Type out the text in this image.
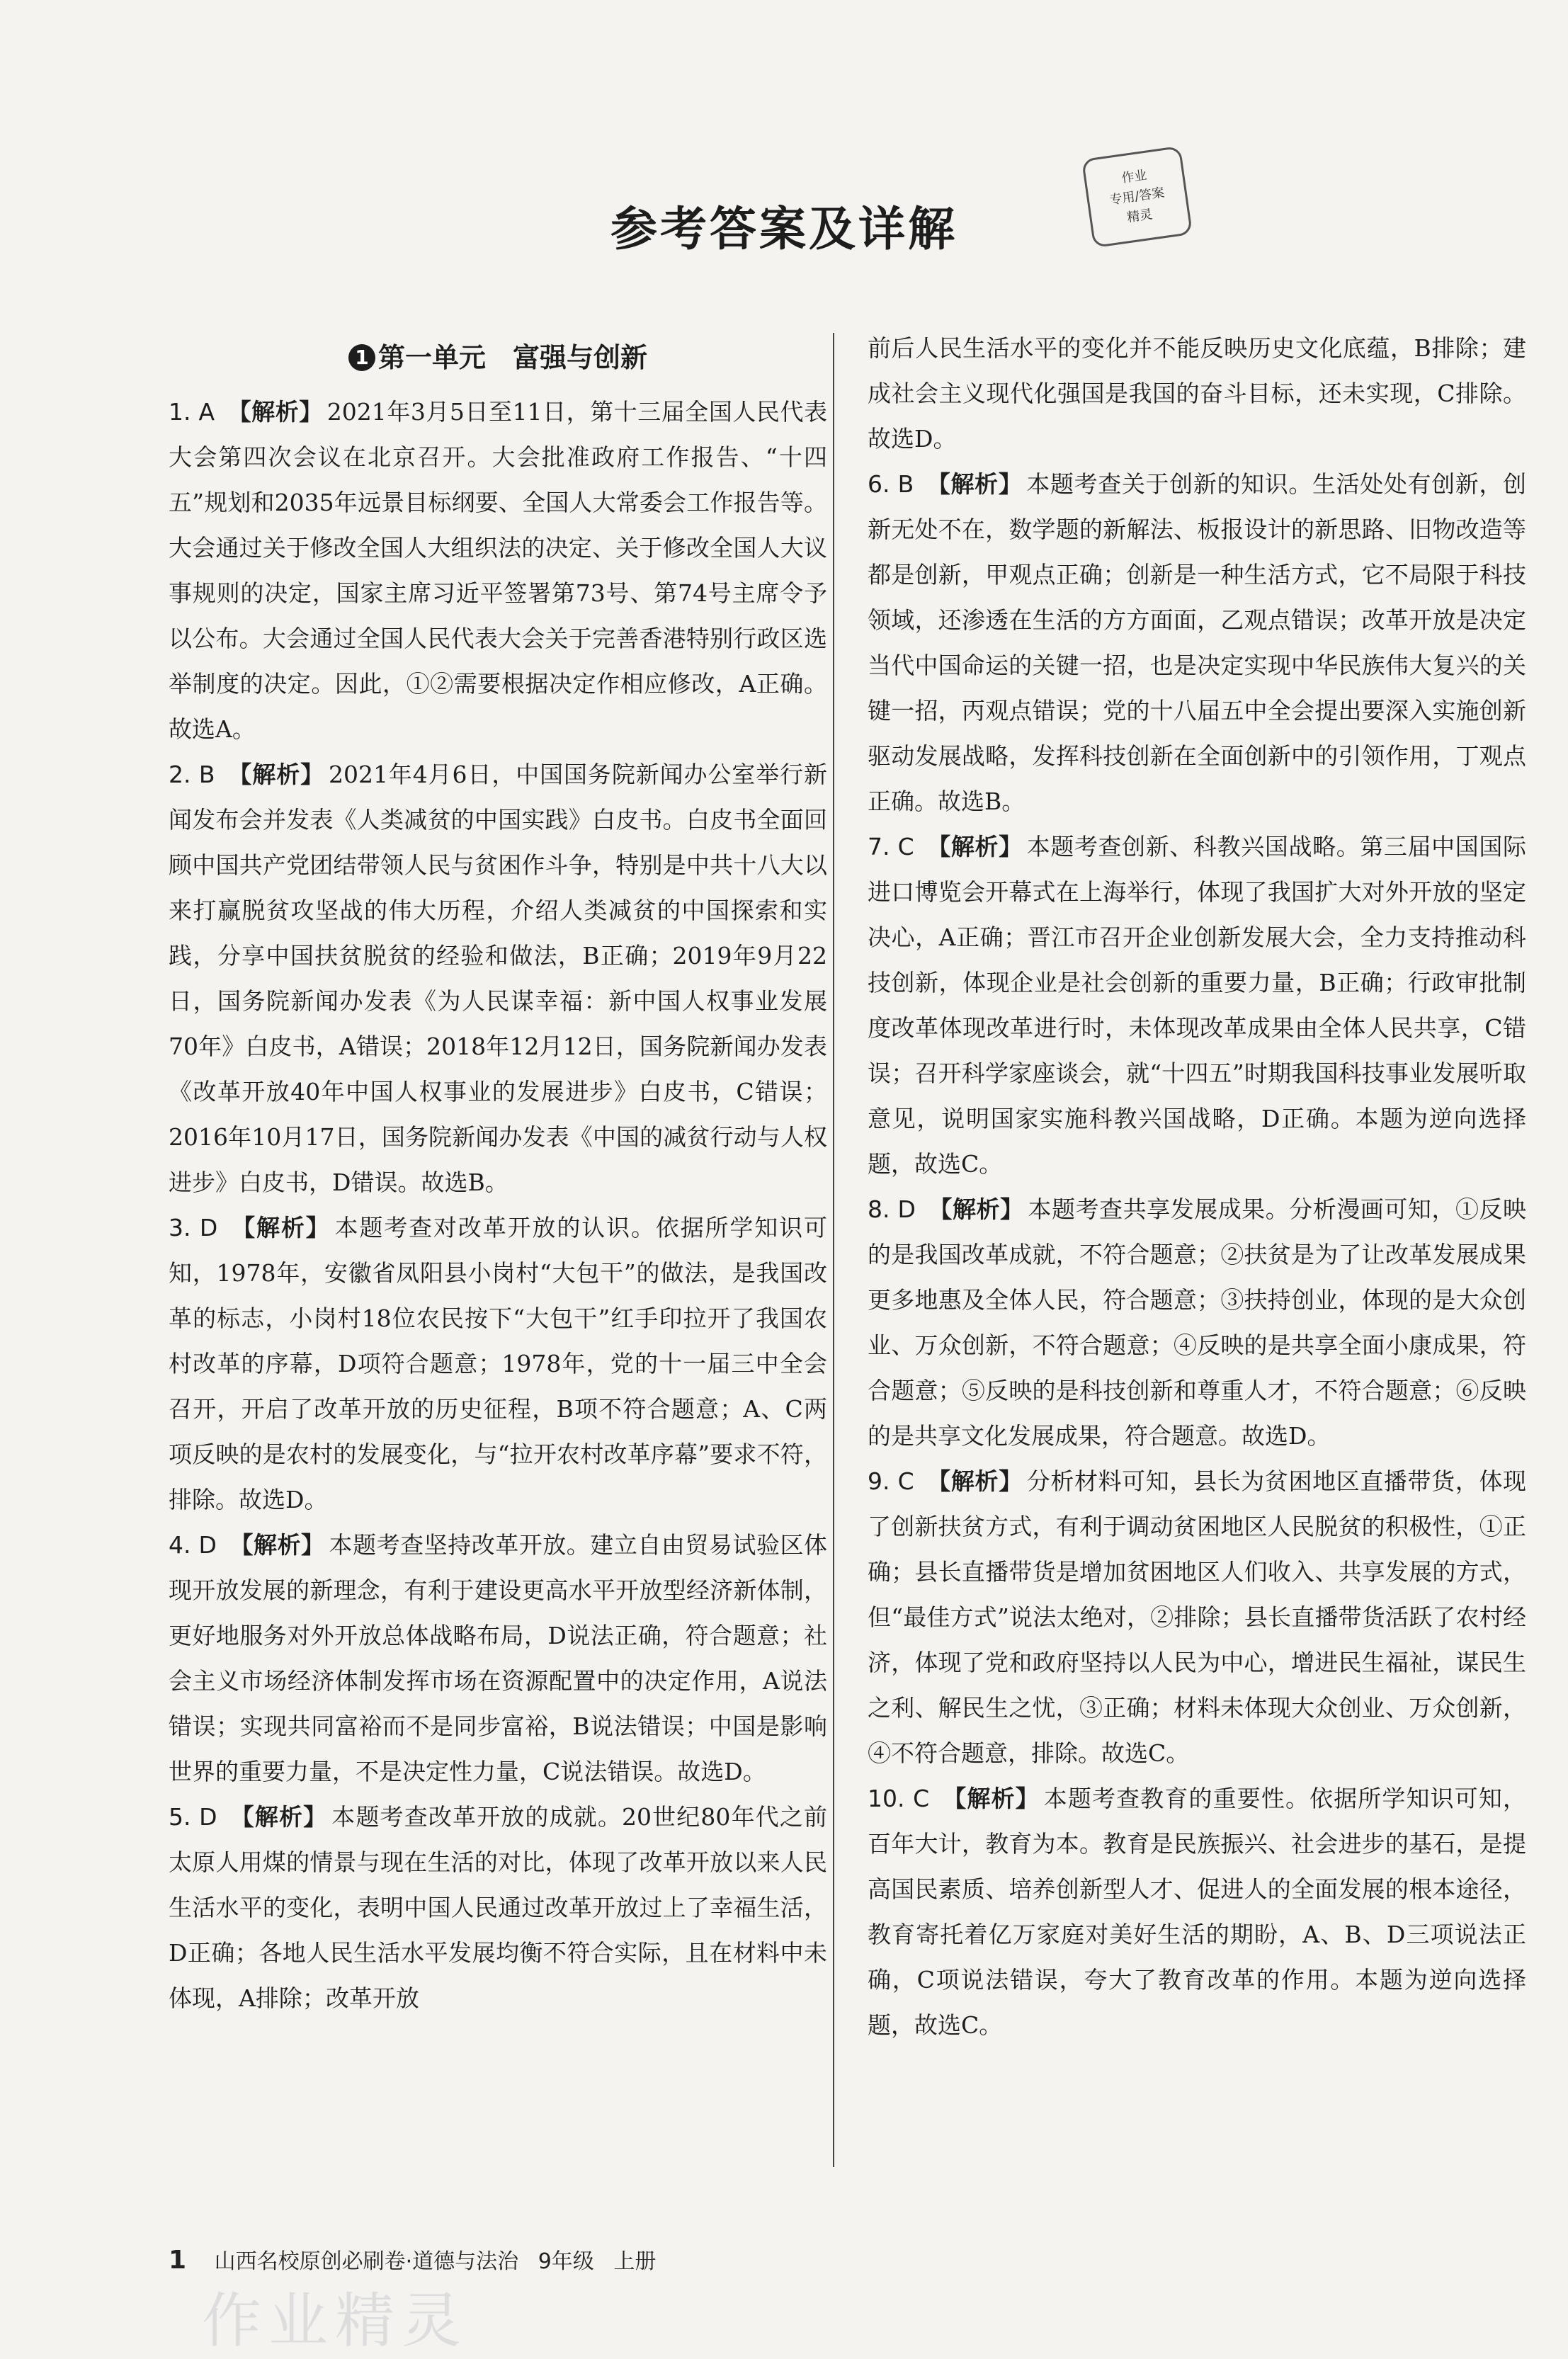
参考答案及详解
作业
专用/答案
精灵
1 第一单元　富强与创新

1. A 【解析】 2021年3月5日至11日，第十三届全国人民代表大会第四次会议在北京召开。大会批准政府工作报告、“十四五”规划和2035年远景目标纲要、全国人大常委会工作报告等。大会通过关于修改全国人大组织法的决定、关于修改全国人大议事规则的决定，国家主席习近平签署第73号、第74号主席令予以公布。大会通过全国人民代表大会关于完善香港特别行政区选举制度的决定。因此，①②需要根据决定作相应修改，A正确。故选A。

2. B 【解析】 2021年4月6日，中国国务院新闻办公室举行新闻发布会并发表《人类减贫的中国实践》白皮书。白皮书全面回顾中国共产党团结带领人民与贫困作斗争，特别是中共十八大以来打赢脱贫攻坚战的伟大历程，介绍人类减贫的中国探索和实践，分享中国扶贫脱贫的经验和做法，B正确；2019年9月22日，国务院新闻办发表《为人民谋幸福：新中国人权事业发展70年》白皮书，A错误；2018年12月12日，国务院新闻办发表《改革开放40年中国人权事业的发展进步》白皮书，C错误；2016年10月17日，国务院新闻办发表《中国的减贫行动与人权进步》白皮书，D错误。故选B。

3. D 【解析】 本题考查对改革开放的认识。依据所学知识可知，1978年，安徽省凤阳县小岗村“大包干”的做法，是我国改革的标志，小岗村18位农民按下“大包干”红手印拉开了我国农村改革的序幕，D项符合题意；1978年，党的十一届三中全会召开，开启了改革开放的历史征程，B项不符合题意；A、C两项反映的是农村的发展变化，与“拉开农村改革序幕”要求不符，排除。故选D。

4. D 【解析】 本题考查坚持改革开放。建立自由贸易试验区体现开放发展的新理念，有利于建设更高水平开放型经济新体制，更好地服务对外开放总体战略布局，D说法正确，符合题意；社会主义市场经济体制发挥市场在资源配置中的决定作用，A说法错误；实现共同富裕而不是同步富裕，B说法错误；中国是影响世界的重要力量，不是决定性力量，C说法错误。故选D。

5. D 【解析】 本题考查改革开放的成就。20世纪80年代之前太原人用煤的情景与现在生活的对比，体现了改革开放以来人民生活水平的变化，表明中国人民通过改革开放过上了幸福生活，D正确；各地人民生活水平发展均衡不符合实际，且在材料中未体现，A排除；改革开放

前后人民生活水平的变化并不能反映历史文化底蕴，B排除；建成社会主义现代化强国是我国的奋斗目标，还未实现，C排除。故选D。

6. B 【解析】 本题考查关于创新的知识。生活处处有创新，创新无处不在，数学题的新解法、板报设计的新思路、旧物改造等都是创新，甲观点正确；创新是一种生活方式，它不局限于科技领域，还渗透在生活的方方面面，乙观点错误；改革开放是决定当代中国命运的关键一招，也是决定实现中华民族伟大复兴的关键一招，丙观点错误；党的十八届五中全会提出要深入实施创新驱动发展战略，发挥科技创新在全面创新中的引领作用，丁观点正确。故选B。

7. C 【解析】 本题考查创新、科教兴国战略。第三届中国国际进口博览会开幕式在上海举行，体现了我国扩大对外开放的坚定决心，A正确；晋江市召开企业创新发展大会，全力支持推动科技创新，体现企业是社会创新的重要力量，B正确；行政审批制度改革体现改革进行时，未体现改革成果由全体人民共享，C错误；召开科学家座谈会，就“十四五”时期我国科技事业发展听取意见，说明国家实施科教兴国战略，D正确。本题为逆向选择题，故选C。

8. D 【解析】 本题考查共享发展成果。分析漫画可知，①反映的是我国改革成就，不符合题意；②扶贫是为了让改革发展成果更多地惠及全体人民，符合题意；③扶持创业，体现的是大众创业、万众创新，不符合题意；④反映的是共享全面小康成果，符合题意；⑤反映的是科技创新和尊重人才，不符合题意；⑥反映的是共享文化发展成果，符合题意。故选D。

9. C 【解析】 分析材料可知，县长为贫困地区直播带货，体现了创新扶贫方式，有利于调动贫困地区人民脱贫的积极性，①正确；县长直播带货是增加贫困地区人们收入、共享发展的方式，但“最佳方式”说法太绝对，②排除；县长直播带货活跃了农村经济，体现了党和政府坚持以人民为中心，增进民生福祉，谋民生之利、解民生之忧，③正确；材料未体现大众创业、万众创新，④不符合题意，排除。故选C。

10. C 【解析】 本题考查教育的重要性。依据所学知识可知，百年大计，教育为本。教育是民族振兴、社会进步的基石，是提高国民素质、培养创新型人才、促进人的全面发展的根本途径，教育寄托着亿万家庭对美好生活的期盼，A、B、D三项说法正确，C项说法错误，夸大了教育改革的作用。本题为逆向选择题，故选C。

1 山西名校原创必刷卷·道德与法治 9年级 上册
作业精灵
